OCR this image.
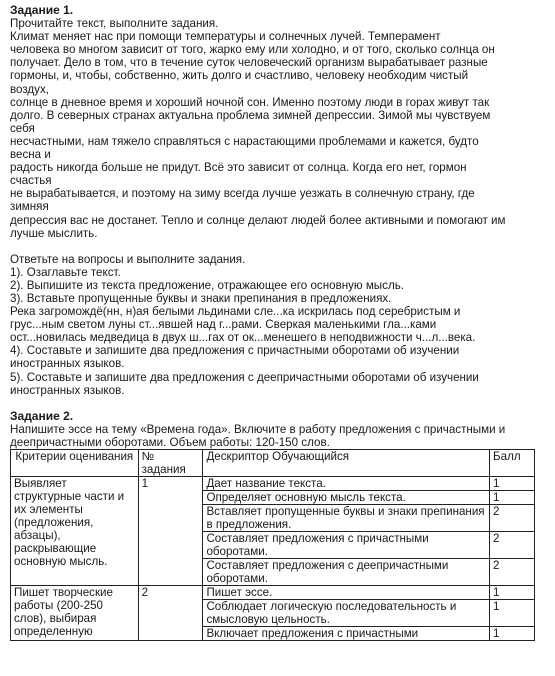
Задание 1.
Прочитайте текст, выполните задания.
Климат меняет нас при помощи температуры и солнечных лучей. Темперамент
человека во многом зависит от того, жарко ему или холодно, и от того, сколько солнца он
получает. Дело в том, что в течение суток человеческий организм вырабатывает разные
гормоны, и, чтобы, собственно, жить долго и счастливо, человеку необходим чистый
воздух,
солнце в дневное время и хороший ночной сон. Именно поэтому люди в горах живут так
долго. В северных странах актуальна проблема зимней депрессии. Зимой мы чувствуем
себя
несчастными, нам тяжело справляться с нарастающими проблемами и кажется, будто
весна и
радость никогда больше не придут. Всё это зависит от солнца. Когда его нет, гормон
счастья
не вырабатывается, и поэтому на зиму всегда лучше уезжать в солнечную страну, где
зимняя
депрессия вас не достанет. Тепло и солнце делают людей более активными и помогают им
лучше мыслить.
Ответьте на вопросы и выполните задания.
1). Озаглавьте текст.
2). Выпишите из текста предложение, отражающее его основную мысль.
3). Вставьте пропущенные буквы и знаки препинания в предложениях.
Река загромождё(нн, н)ая белыми льдинами сле...ка искрилась под серебристым и
грус...ным светом луны ст...явшей над г...рами. Сверкая маленькими гла...ками
ост...новилась медведица в двух ш...гах от ок...менешего в неподвижности ч...л...века.
4). Составьте и запишите два предложения с причастными оборотами об изучении
иностранных языков.
5). Составьте и запишите два предложения с деепричастными оборотами об изучении
иностранных языков.
Задание 2.
Напишите эссе на тему «Времена года». Включите в работу предложения с причастными и
деепричастными оборотами. Объем работы: 120-150 слов.
Критерии оценивания	№ задания	Дескриптор Обучающийся	Балл
Выявляет структурные части и их элементы (предложения, абзацы), раскрывающие основную мысль.	1	Дает название текста.	1
		Определяет основную мысль текста.	1
		Вставляет пропущенные буквы и знаки препинания в предложения.	2
		Составляет предложения с причастными оборотами.	2
		Составляет предложения с деепричастными оборотами.	2
Пишет творческие работы (200-250 слов), выбирая определенную	2	Пишет эссе.	1
		Соблюдает логическую последовательность и смысловую цельность.	1
		Включает предложения с причастными	1
